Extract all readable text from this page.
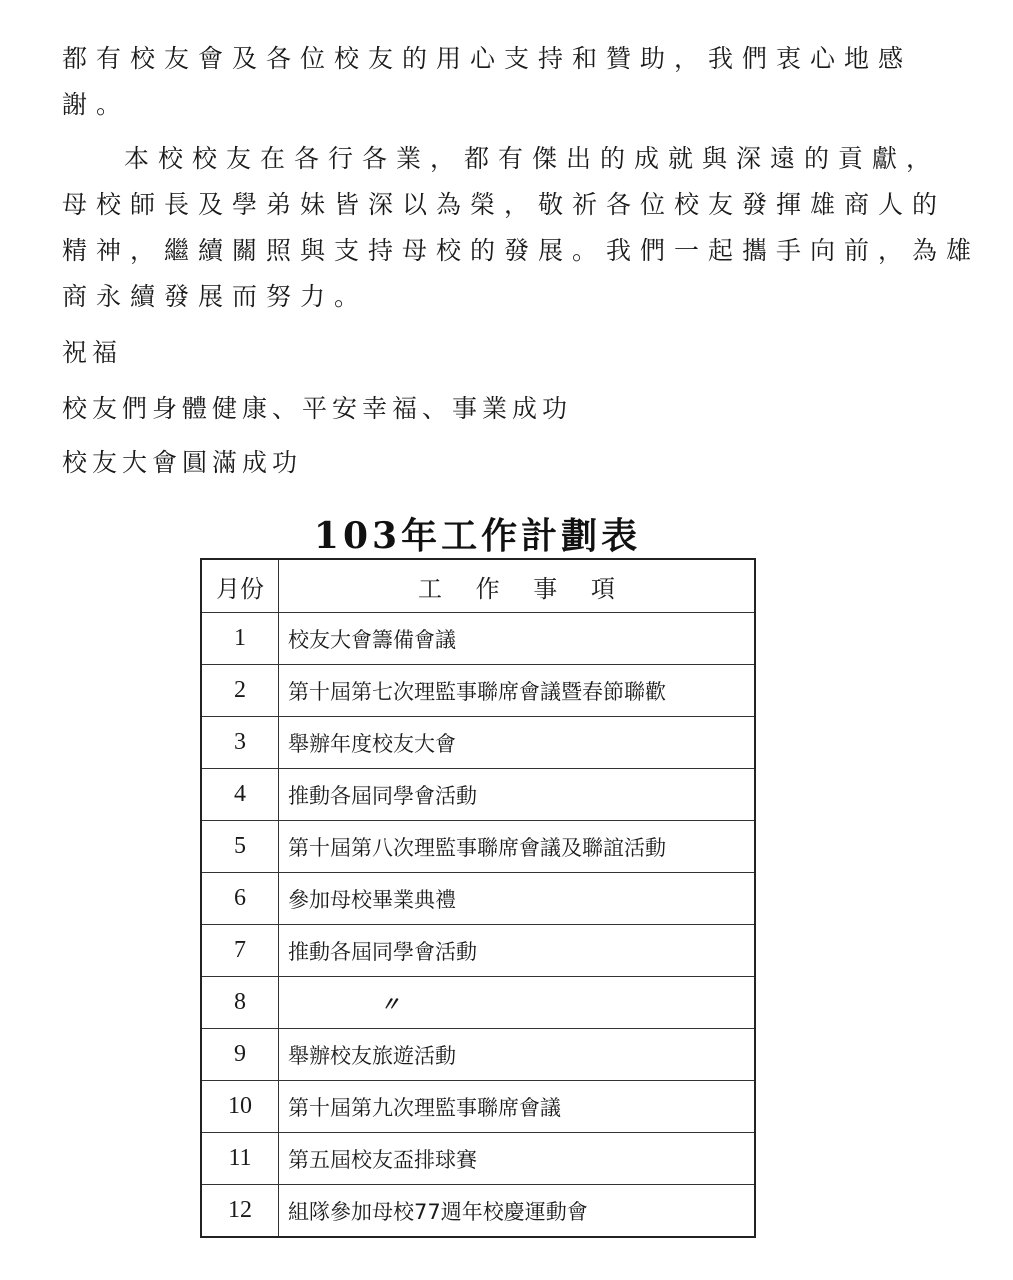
都有校友會及各位校友的用心支持和贊助，我們衷心地感

謝。

本校校友在各行各業，都有傑出的成就與深遠的貢獻，

母校師長及學弟妹皆深以為榮，敬祈各位校友發揮雄商人的

精神，繼續關照與支持母校的發展。我們一起攜手向前，為雄

商永續發展而努力。

祝福

校友們身體健康、平安幸福、事業成功

校友大會圓滿成功

103年工作計劃表
月份	工　 作　 事　 項
1	校友大會籌備會議
2	第十屆第七次理監事聯席會議暨春節聯歡
3	舉辦年度校友大會
4	推動各屆同學會活動
5	第十屆第八次理監事聯席會議及聯誼活動
6	參加母校畢業典禮
7	推動各屆同學會活動
8	〃
9	舉辦校友旅遊活動
10	第十屆第九次理監事聯席會議
11	第五屆校友盃排球賽
12	組隊參加母校77週年校慶運動會
